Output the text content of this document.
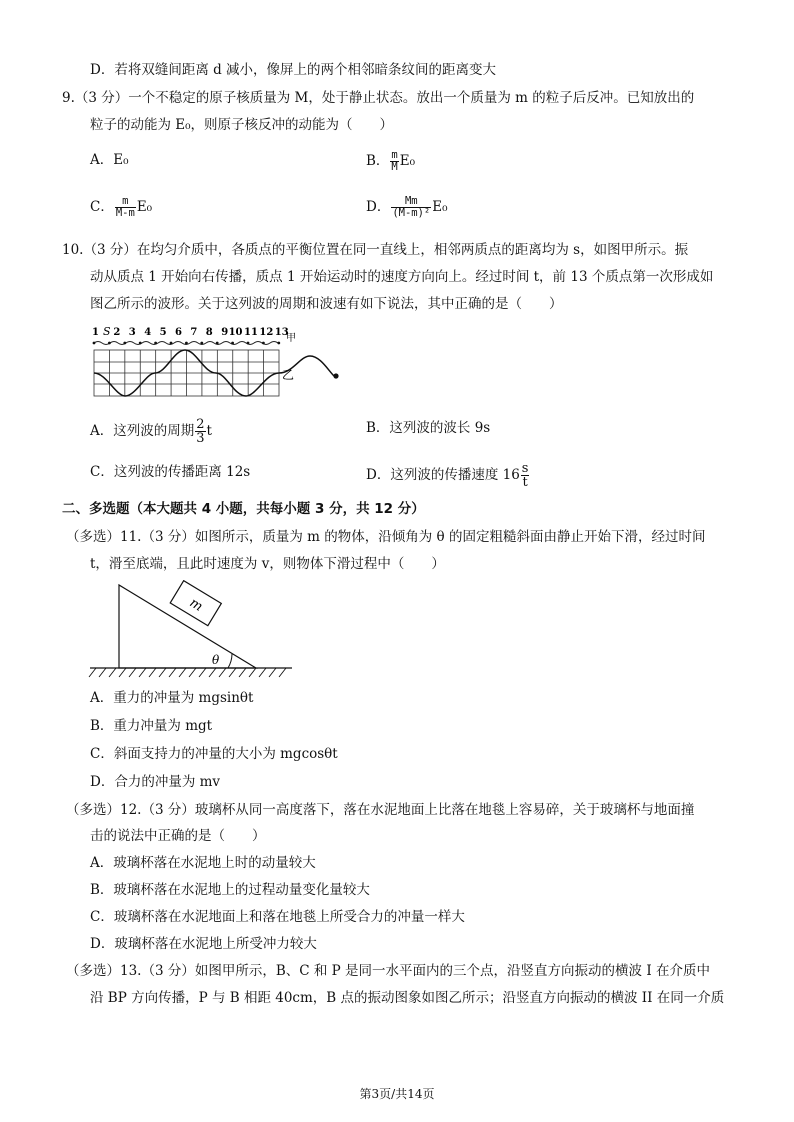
D．若将双缝间距离 d 减小，像屏上的两个相邻暗条纹间的距离变大
9.（3 分）一个不稳定的原子核质量为 M，处于静止状态。放出一个质量为 m 的粒子后反冲。已知放出的
粒子的动能为 E₀，则原子核反冲的动能为（　　）
A．E₀	B． $\frac{m}{M} E_0$
C． $\frac{m}{M-m} E_0$	D． $\frac{Mm}{\text{(M-m)²}} E_0$
10.（3 分）在均匀介质中，各质点的平衡位置在同一直线上，相邻两质点的距离均为 s，如图甲所示。振
动从质点 1 开始向右传播，质点 1 开始运动时的速度方向向上。经过时间 t，前 13 个质点第一次形成如
图乙所示的波形。关于这列波的周期和波速有如下说法，其中正确的是（　　）
1 2 3 4 5 6 7 8 9 10 11 12 13
S
甲
乙
A．这列波的周期 $\frac{2}{3}$ t	B．这列波的波长 9s
C．这列波的传播距离 12s	D．这列波的传播速度 $16 \frac{s}{t}$
二、多选题（本大题共 4 小题，共每小题 3 分，共 12 分）
（多选）11.（3 分）如图所示，质量为 m 的物体，沿倾角为 θ 的固定粗糙斜面由静止开始下滑，经过时间
t，滑至底端，且此时速度为 v，则物体下滑过程中（　　）
m
θ
A．重力的冲量为 mgsinθt
B．重力冲量为 mgt
C．斜面支持力的冲量的大小为 mgcosθt
D．合力的冲量为 mv
（多选）12.（3 分）玻璃杯从同一高度落下，落在水泥地面上比落在地毯上容易碎，关于玻璃杯与地面撞
击的说法中正确的是（　　）
A．玻璃杯落在水泥地上时的动量较大
B．玻璃杯落在水泥地上的过程动量变化量较大
C．玻璃杯落在水泥地面上和落在地毯上所受合力的冲量一样大
D．玻璃杯落在水泥地上所受冲力较大
（多选）13.（3 分）如图甲所示，B、C 和 P 是同一水平面内的三个点，沿竖直方向振动的横波 I 在介质中
沿 BP 方向传播，P 与 B 相距 40cm，B 点的振动图象如图乙所示；沿竖直方向振动的横波 II 在同一介质
第3页/共14页
